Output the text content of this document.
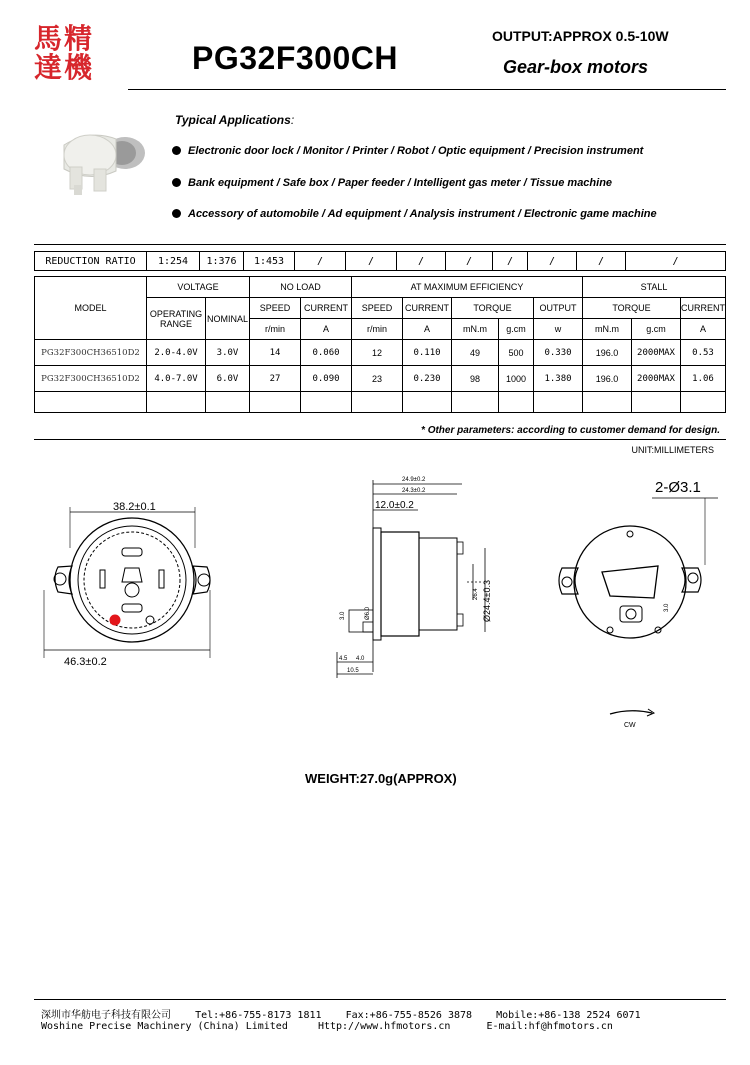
馬精
達機	PG32F300CH
OUTPUT:APPROX 0.5-10W
Gear-box motors
Typical Applications:
Electronic door lock / Monitor / Printer / Robot / Optic equipment / Precision instrument
Bank equipment / Safe box / Paper feeder / Intelligent gas meter / Tissue machine
Accessory of automobile / Ad equipment / Analysis instrument / Electronic game machine
REDUCTION RATIO	1:254	1:376	1:453	/	/	/	/	/	/	/	/
MODEL	VOLTAGE		NO LOAD		AT MAXIMUM EFFICIENCY					STALL		
	OPERATING RANGE	NOMINAL	SPEED	CURRENT	SPEED	CURRENT	TORQUE		OUTPUT	TORQUE		CURRENT
			r/min	A	r/min	A	mN.m	g.cm	w	mN.m	g.cm	A
PG32F300CH36510D2	2.0-4.0V	3.0V	14	0.060	12	0.110	49	500	0.330	196.0	2000MAX	0.53
PG32F300CH36510D2	4.0-7.0V	6.0V	27	0.090	23	0.230	98	1000	1.380	196.0	2000MAX	1.06

* Other parameters: according to customer demand for design.
UNIT:MILLIMETERS
38.2±0.1
46.3±0.2
24.9±0.2
24.3±0.2
12.0±0.2
3.0	Ø6.0	Ø24.4±0.3
26.4
4.5 4.0
10.5
2-Ø3.1
3.0
CW
WEIGHT:27.0g(APPROX)
深圳市华舫电子科技有限公司    Tel:+86-755-8173 1811    Fax:+86-755-8526 3878    Mobile:+86-138 2524 6071
Woshine Precise Machinery (China) Limited     Http://www.hfmotors.cn      E-mail:hf@hfmotors.cn
